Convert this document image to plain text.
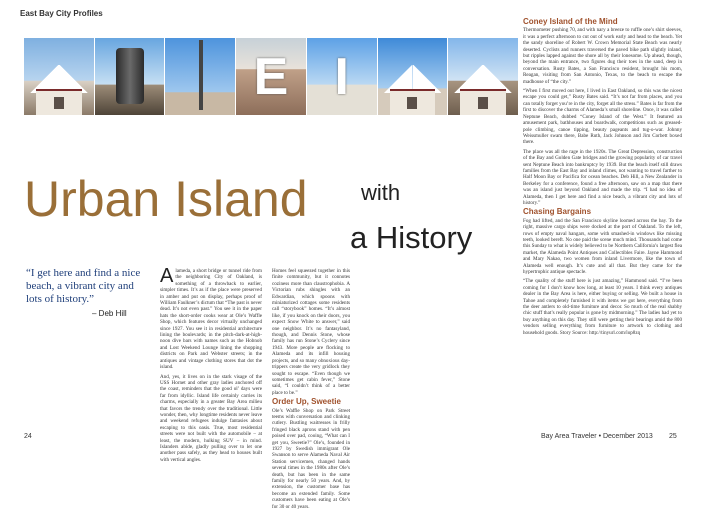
East Bay City Profiles
Urban Island
“I get here and find a nice beach, a vibrant city and lots of history.”
– Deb Hill

Alameda, a short bridge or tunnel ride from the neighboring City of Oakland, is something of a throwback to earlier, simpler times. It’s as if the place were preserved in amber and put on display, perhaps proof of William Faulkner’s dictum that “The past is never dead. It’s not even past.” You see it in the paper hats the short-order cooks wear at Ole’s Waffle Shop, which features decor virtually unchanged since 1927. You see it in residential architecture lining the boulevards; in the pitch-dark-at-high-noon dive bars with names such as the Hobnob and Lost Weekend Lounge lining the shopping districts on Park and Webster streets; in the antiques and vintage clothing stores that dot the island.

And, yes, it lives on in the stark visage of the USS Hornet and other gray ladies anchored off the coast, reminders that the good ol’ days were far from idyllic. Island life certainly carries its charms, especially in a greater Bay Area milieu that favors the trendy over the traditional. Little wonder, then, why longtime residents never leave and weekend refugees indulge fantasies about escaping to this oasis. True, most residential streets were not built with the automobile – at least, the modern, hulking SUV – in mind. Islanders abide, gladly pulling over to let one another pass safely, as they head to houses built with vertical angles.

Homes feel squeezed together in this finite community, but it connotes coziness more than claustrophobia. A Victorian rubs shingles with an Edwardian, which spoons with miniaturized cottages some residents call “storybook” homes. “It’s almost like, if you knock on their doors, you expect Snow White to answer,” said one neighbor. It’s no fantasyland, though, and Dennis Stone, whose family has run Stone’s Cyclery since 1943. More people are flocking to Alameda and its infill housing projects, and so many obnoxious day-trippers create the very gridlock they sought to escape. “Even though we sometimes get cabin fever,” Stone said, “I couldn’t think of a better place to be.”

Order Up, Sweetie

Ole’s Waffle Shop on Park Street teems with conversation and clinking cutlery. Bustling waitresses in frilly fringed black aprons stand with pen poised over pad, cooing, “What can I get you, Sweetie?” Ole’s, founded in 1927 by Swedish immigrant Ole Swanson to serve Alameda Naval Air Station servicemen, changed hands several times in the 1980s after Ole’s death, but has been in the same family for nearly 50 years. And, by extension, the customer base has become an extended family. Some customers have been eating at Ole’s for 30 or 40 years.

24
with
a History
Coney Island of the Mind

Thermometer pushing 70, and with nary a breeze to ruffle one’s shirt sleeves, it was a perfect afternoon to cut out of work early and head to the beach. Yet the sandy shoreline of Robert W. Crown Memorial State Beach was nearly deserted. Cyclists and runners traversed the paved bike path slightly inland, but ripples lapped against the shore all by their lonesome. Up ahead, though, beyond the main entrance, two figures dug their toes in the sand, deep in conversation. Rusty Bates, a San Francisco resident, brought his mom, Reagan, visiting from San Antonio, Texas, to the beach to escape the madhouse of “the city.”

“When I first moved out here, I lived in East Oakland, so this was the nicest escape you could get,” Rusty Bates said. “It’s not far from places, and you can totally forget you’re in the city, forget all the stress.” Bates is far from the first to discover the charms of Alameda’s small shoreline. Once, it was called Neptune Beach, dubbed “Coney Island of the West.” It featured an amusement park, bathhouses and boardwalk, competitions such as greased-pole climbing, canoe tipping, beauty pageants and tug-o-war. Johnny Weissmuller swam there, Babe Ruth, Jack Johnson and Jim Corbett boxed there.

The place was all the rage in the 1920s. The Great Depression, construction of the Bay and Golden Gate bridges and the growing popularity of car travel sent Neptune Beach into bankruptcy by 1939. But the beach itself still draws families from the East Bay and inland climes, not wanting to travel farther to Half Moon Bay or Pacifica for ocean beaches. Deb Hill, a New Zealander in Berkeley for a conference, found a free afternoon, saw on a map that there was an island just beyond Oakland and made the trip. “I had no idea of Alameda, then I get here and find a nice beach, a vibrant city and lots of history.”

Chasing Bargains

Fog had lifted, and the San Francisco skyline loomed across the bay. To the right, massive cargo ships were docked at the port of Oakland. To the left, rows of empty naval hangars, some with smashed-in windows like missing teeth, looked bereft. No one paid the scene much mind. Thousands had come this Sunday to what is widely believed to be Northern California’s largest flea market, the Alameda Point Antiques and Collectibles Faire. Jayne Hammond and Mary Nakao, two women from inland Livermore, like the town of Alameda well enough. It’s cute and all that. But they came for the hypertrophic antique spectacle.

“The quality of the stuff here is just amazing,” Hammond said. “I’ve been coming for I don’t know how long, at least 10 years. I think every antiques dealer in the Bay Area is here, either buying or selling. We built a house in Tahoe and completely furnished it with items we got here, everything from the deer antlers to old-time furniture and decor. So much of the real shabby chic stuff that’s really popular is gone by midmorning.” The ladies had yet to buy anything on this day. They still were getting their bearings amid the 800 vendors selling everything from furniture to artwork to clothing and household goods. Story Source: http://tinyurl.com/lop8zq

Bay Area Traveler • December 2013 25
E I
